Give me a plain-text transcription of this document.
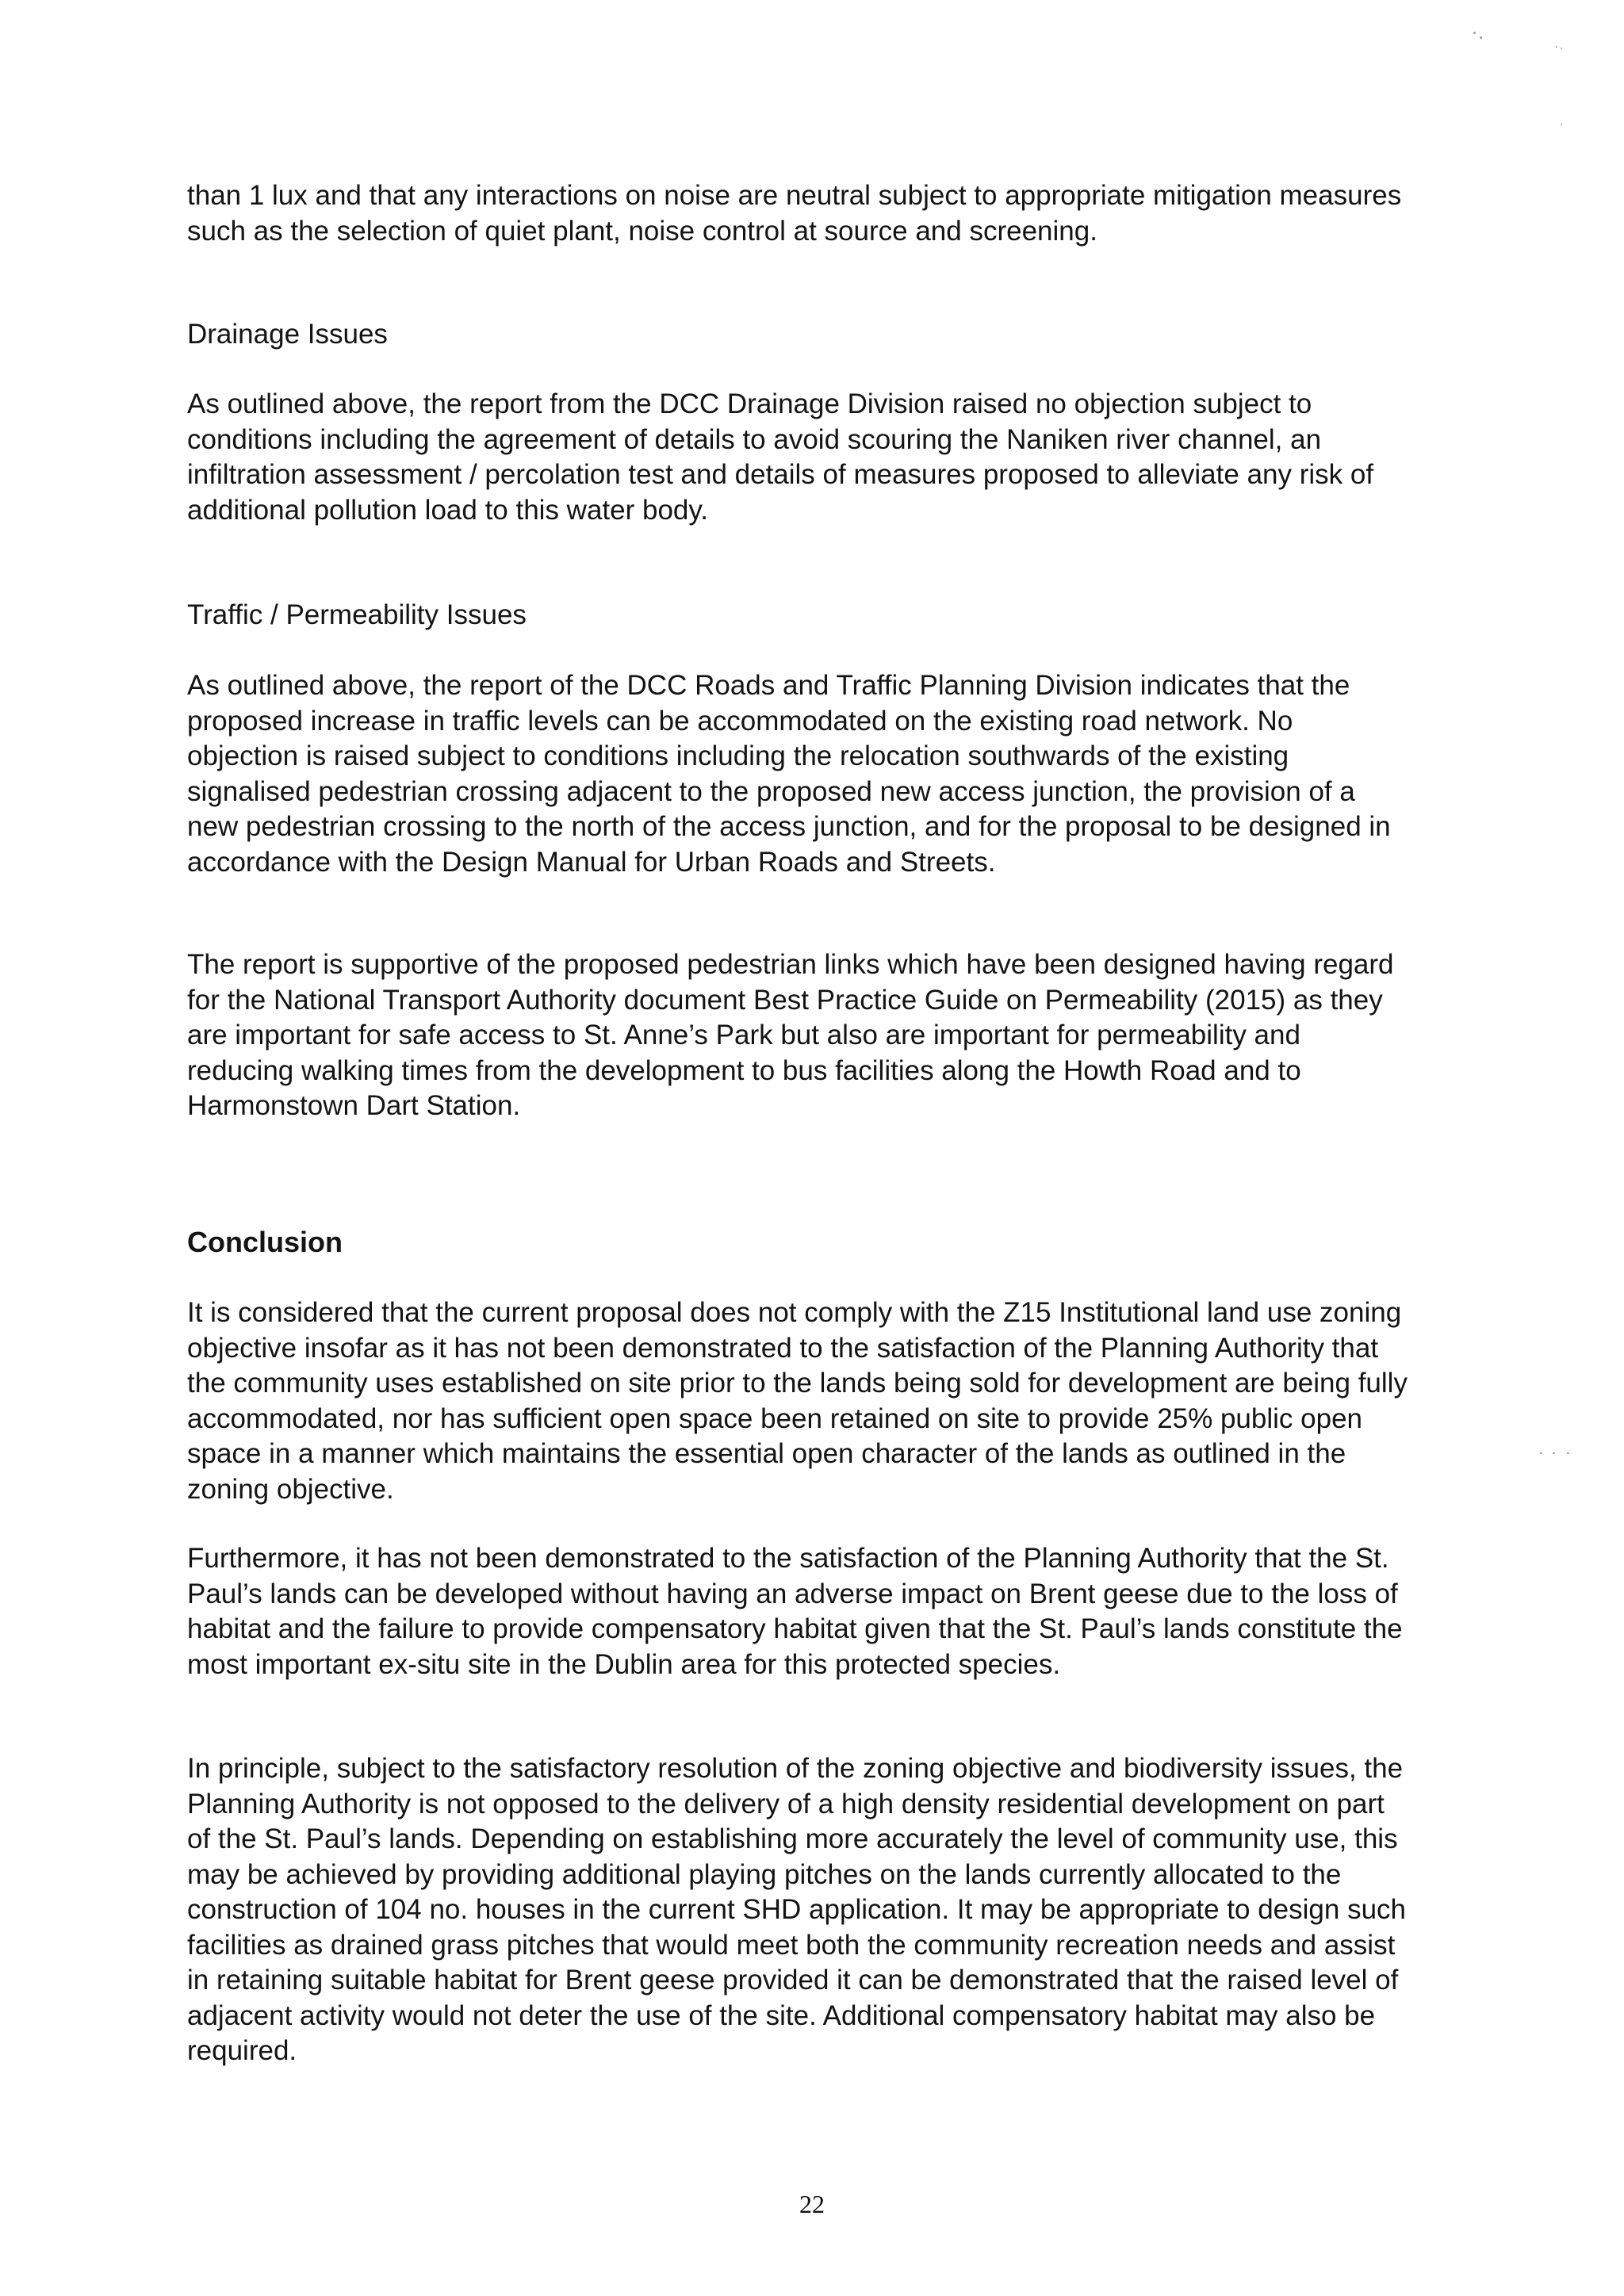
than 1 lux and that any interactions on noise are neutral subject to appropriate mitigation measures such as the selection of quiet plant, noise control at source and screening.

Drainage Issues

As outlined above, the report from the DCC Drainage Division raised no objection subject to conditions including the agreement of details to avoid scouring the Naniken river channel, an infiltration assessment / percolation test and details of measures proposed to alleviate any risk of additional pollution load to this water body.

Traffic / Permeability Issues

As outlined above, the report of the DCC Roads and Traffic Planning Division indicates that the proposed increase in traffic levels can be accommodated on the existing road network. No objection is raised subject to conditions including the relocation southwards of the existing signalised pedestrian crossing adjacent to the proposed new access junction, the provision of a new pedestrian crossing to the north of the access junction, and for the proposal to be designed in accordance with the Design Manual for Urban Roads and Streets.

The report is supportive of the proposed pedestrian links which have been designed having regard for the National Transport Authority document Best Practice Guide on Permeability (2015) as they are important for safe access to St. Anne’s Park but also are important for permeability and reducing walking times from the development to bus facilities along the Howth Road and to Harmonstown Dart Station.

Conclusion

It is considered that the current proposal does not comply with the Z15 Institutional land use zoning objective insofar as it has not been demonstrated to the satisfaction of the Planning Authority that the community uses established on site prior to the lands being sold for development are being fully accommodated, nor has sufficient open space been retained on site to provide 25% public open space in a manner which maintains the essential open character of the lands as outlined in the zoning objective.

Furthermore, it has not been demonstrated to the satisfaction of the Planning Authority that the St. Paul’s lands can be developed without having an adverse impact on Brent geese due to the loss of habitat and the failure to provide compensatory habitat given that the St. Paul’s lands constitute the most important ex-situ site in the Dublin area for this protected species.

In principle, subject to the satisfactory resolution of the zoning objective and biodiversity issues, the Planning Authority is not opposed to the delivery of a high density residential development on part of the St. Paul’s lands. Depending on establishing more accurately the level of community use, this may be achieved by providing additional playing pitches on the lands currently allocated to the construction of 104 no. houses in the current SHD application. It may be appropriate to design such facilities as drained grass pitches that would meet both the community recreation needs and assist in retaining suitable habitat for Brent geese provided it can be demonstrated that the raised level of adjacent activity would not deter the use of the site. Additional compensatory habitat may also be required.

22
